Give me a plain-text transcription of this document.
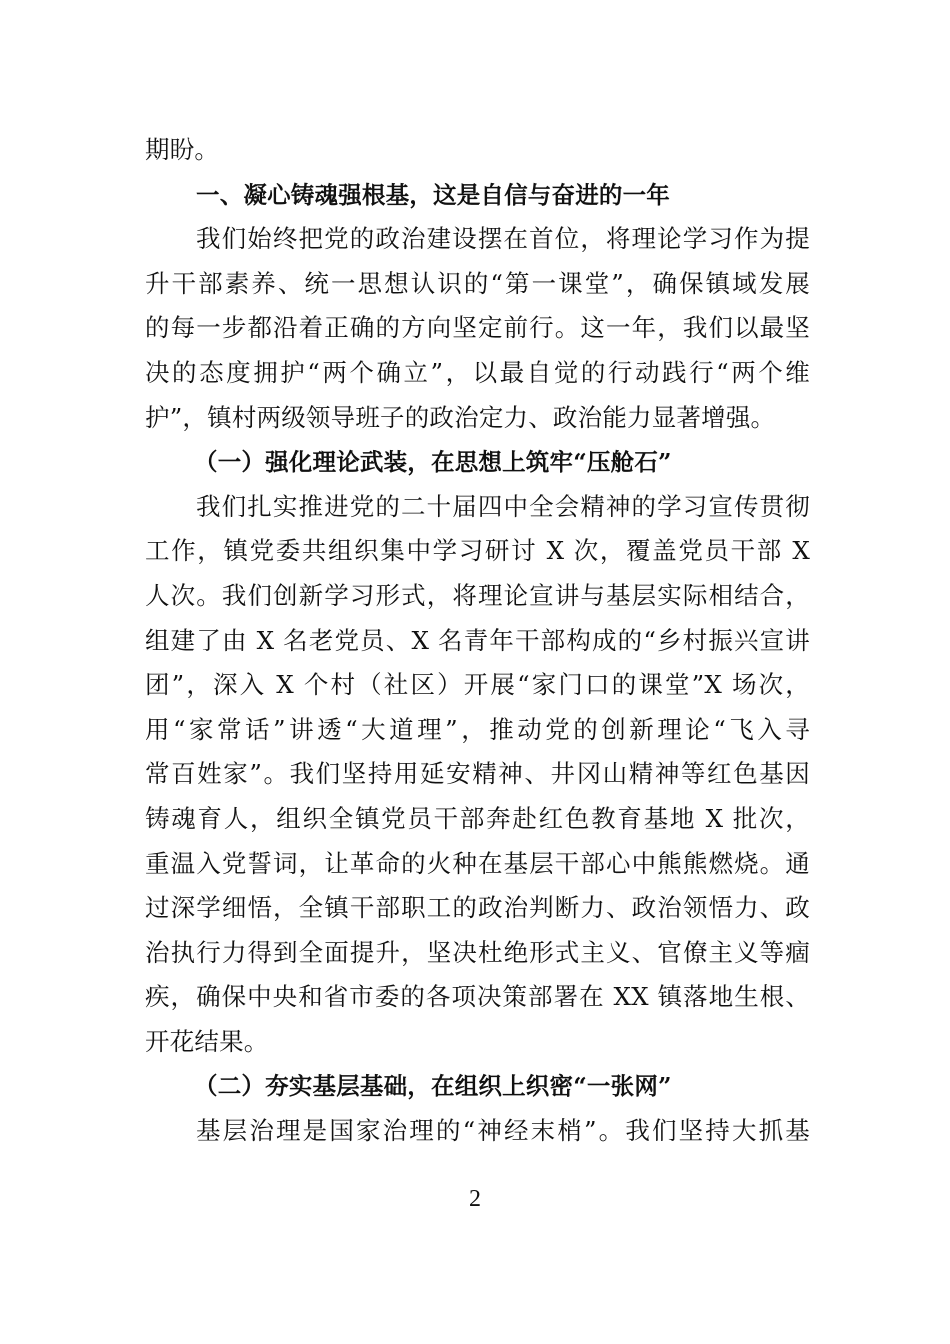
期盼。
一、凝心铸魂强根基，这是自信与奋进的一年
我们始终把党的政治建设摆在首位，将理论学习作为提
升干部素养、统一思想认识的“第一课堂”，确保镇域发展
的每一步都沿着正确的方向坚定前行。这一年，我们以最坚
决的态度拥护“两个确立”，以最自觉的行动践行“两个维
护”，镇村两级领导班子的政治定力、政治能力显著增强。
（一）强化理论武装，在思想上筑牢“压舱石”
我们扎实推进党的二十届四中全会精神的学习宣传贯彻
工作，镇党委共组织集中学习研讨 X 次，覆盖党员干部 X
人次。我们创新学习形式，将理论宣讲与基层实际相结合，
组建了由 X 名老党员、X 名青年干部构成的“乡村振兴宣讲
团”，深入 X 个村（社区）开展“家门口的课堂”X 场次，
用“家常话”讲透“大道理”，推动党的创新理论“飞入寻
常百姓家”。我们坚持用延安精神、井冈山精神等红色基因
铸魂育人，组织全镇党员干部奔赴红色教育基地 X 批次，
重温入党誓词，让革命的火种在基层干部心中熊熊燃烧。通
过深学细悟，全镇干部职工的政治判断力、政治领悟力、政
治执行力得到全面提升，坚决杜绝形式主义、官僚主义等痼
疾，确保中央和省市委的各项决策部署在 XX 镇落地生根、
开花结果。
（二）夯实基层基础，在组织上织密“一张网”
基层治理是国家治理的“神经末梢”。我们坚持大抓基
2
